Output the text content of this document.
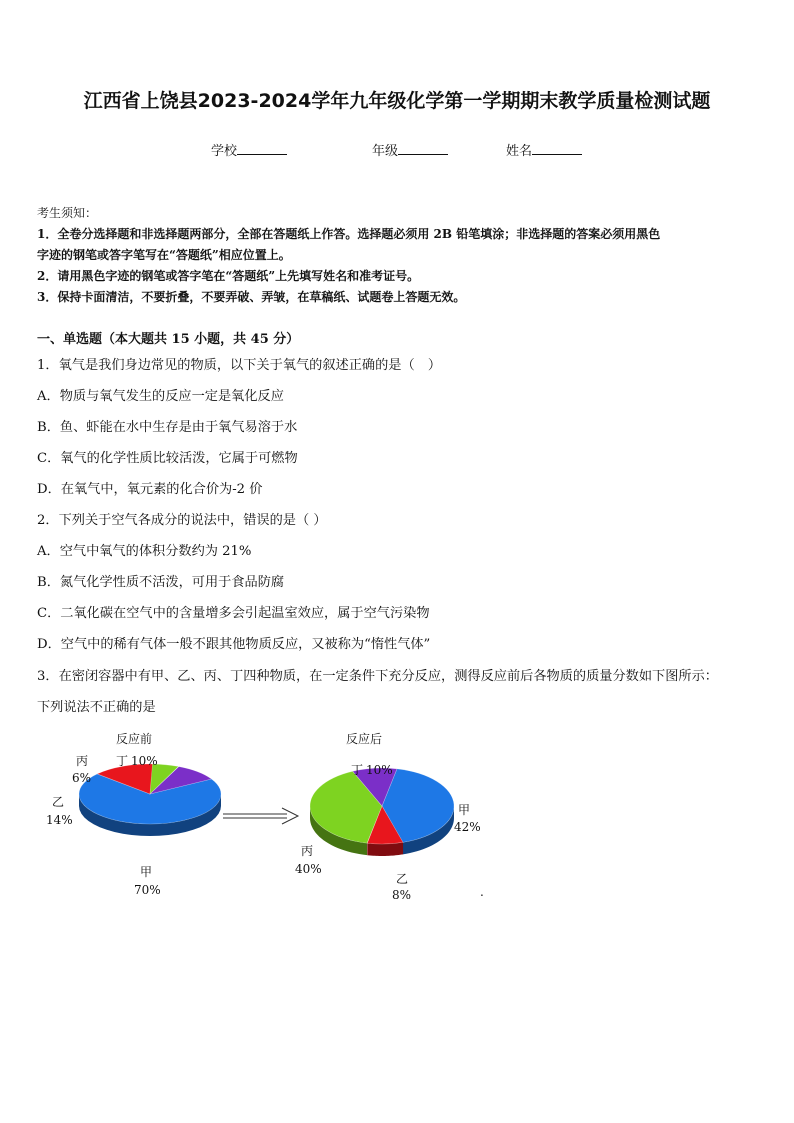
江西省上饶县2023-2024学年九年级化学第一学期期末教学质量检测试题
学校	年级	姓名
考生须知：
1．全卷分选择题和非选择题两部分，全部在答题纸上作答。选择题必须用 2B 铅笔填涂；非选择题的答案必须用黑色
字迹的钢笔或答字笔写在“答题纸”相应位置上。
2．请用黑色字迹的钢笔或答字笔在“答题纸”上先填写姓名和准考证号。
3．保持卡面清洁，不要折叠，不要弄破、弄皱，在草稿纸、试题卷上答题无效。
一、单选题（本大题共 15 小题，共 45 分）
1．氧气是我们身边常见的物质，以下关于氧气的叙述正确的是（　）
A．物质与氧气发生的反应一定是氧化反应
B．鱼、虾能在水中生存是由于氧气易溶于水
C．氧气的化学性质比较活泼，它属于可燃物
D．在氧气中，氧元素的化合价为-2 价
2．下列关于空气各成分的说法中，错误的是（ ）
A．空气中氧气的体积分数约为 21%
B．氮气化学性质不活泼，可用于食品防腐
C．二氧化碳在空气中的含量增多会引起温室效应，属于空气污染物
D．空气中的稀有气体一般不跟其他物质反应，又被称为“惰性气体”
3．在密闭容器中有甲、乙、丙、丁四种物质，在一定条件下充分反应，测得反应前后各物质的质量分数如下图所示：
下列说法不正确的是
反应前
丙
6%
丁 10%
乙
14%
甲
70%
反应后
丁 10%
甲
42%
丙
40%
乙
8%	.
